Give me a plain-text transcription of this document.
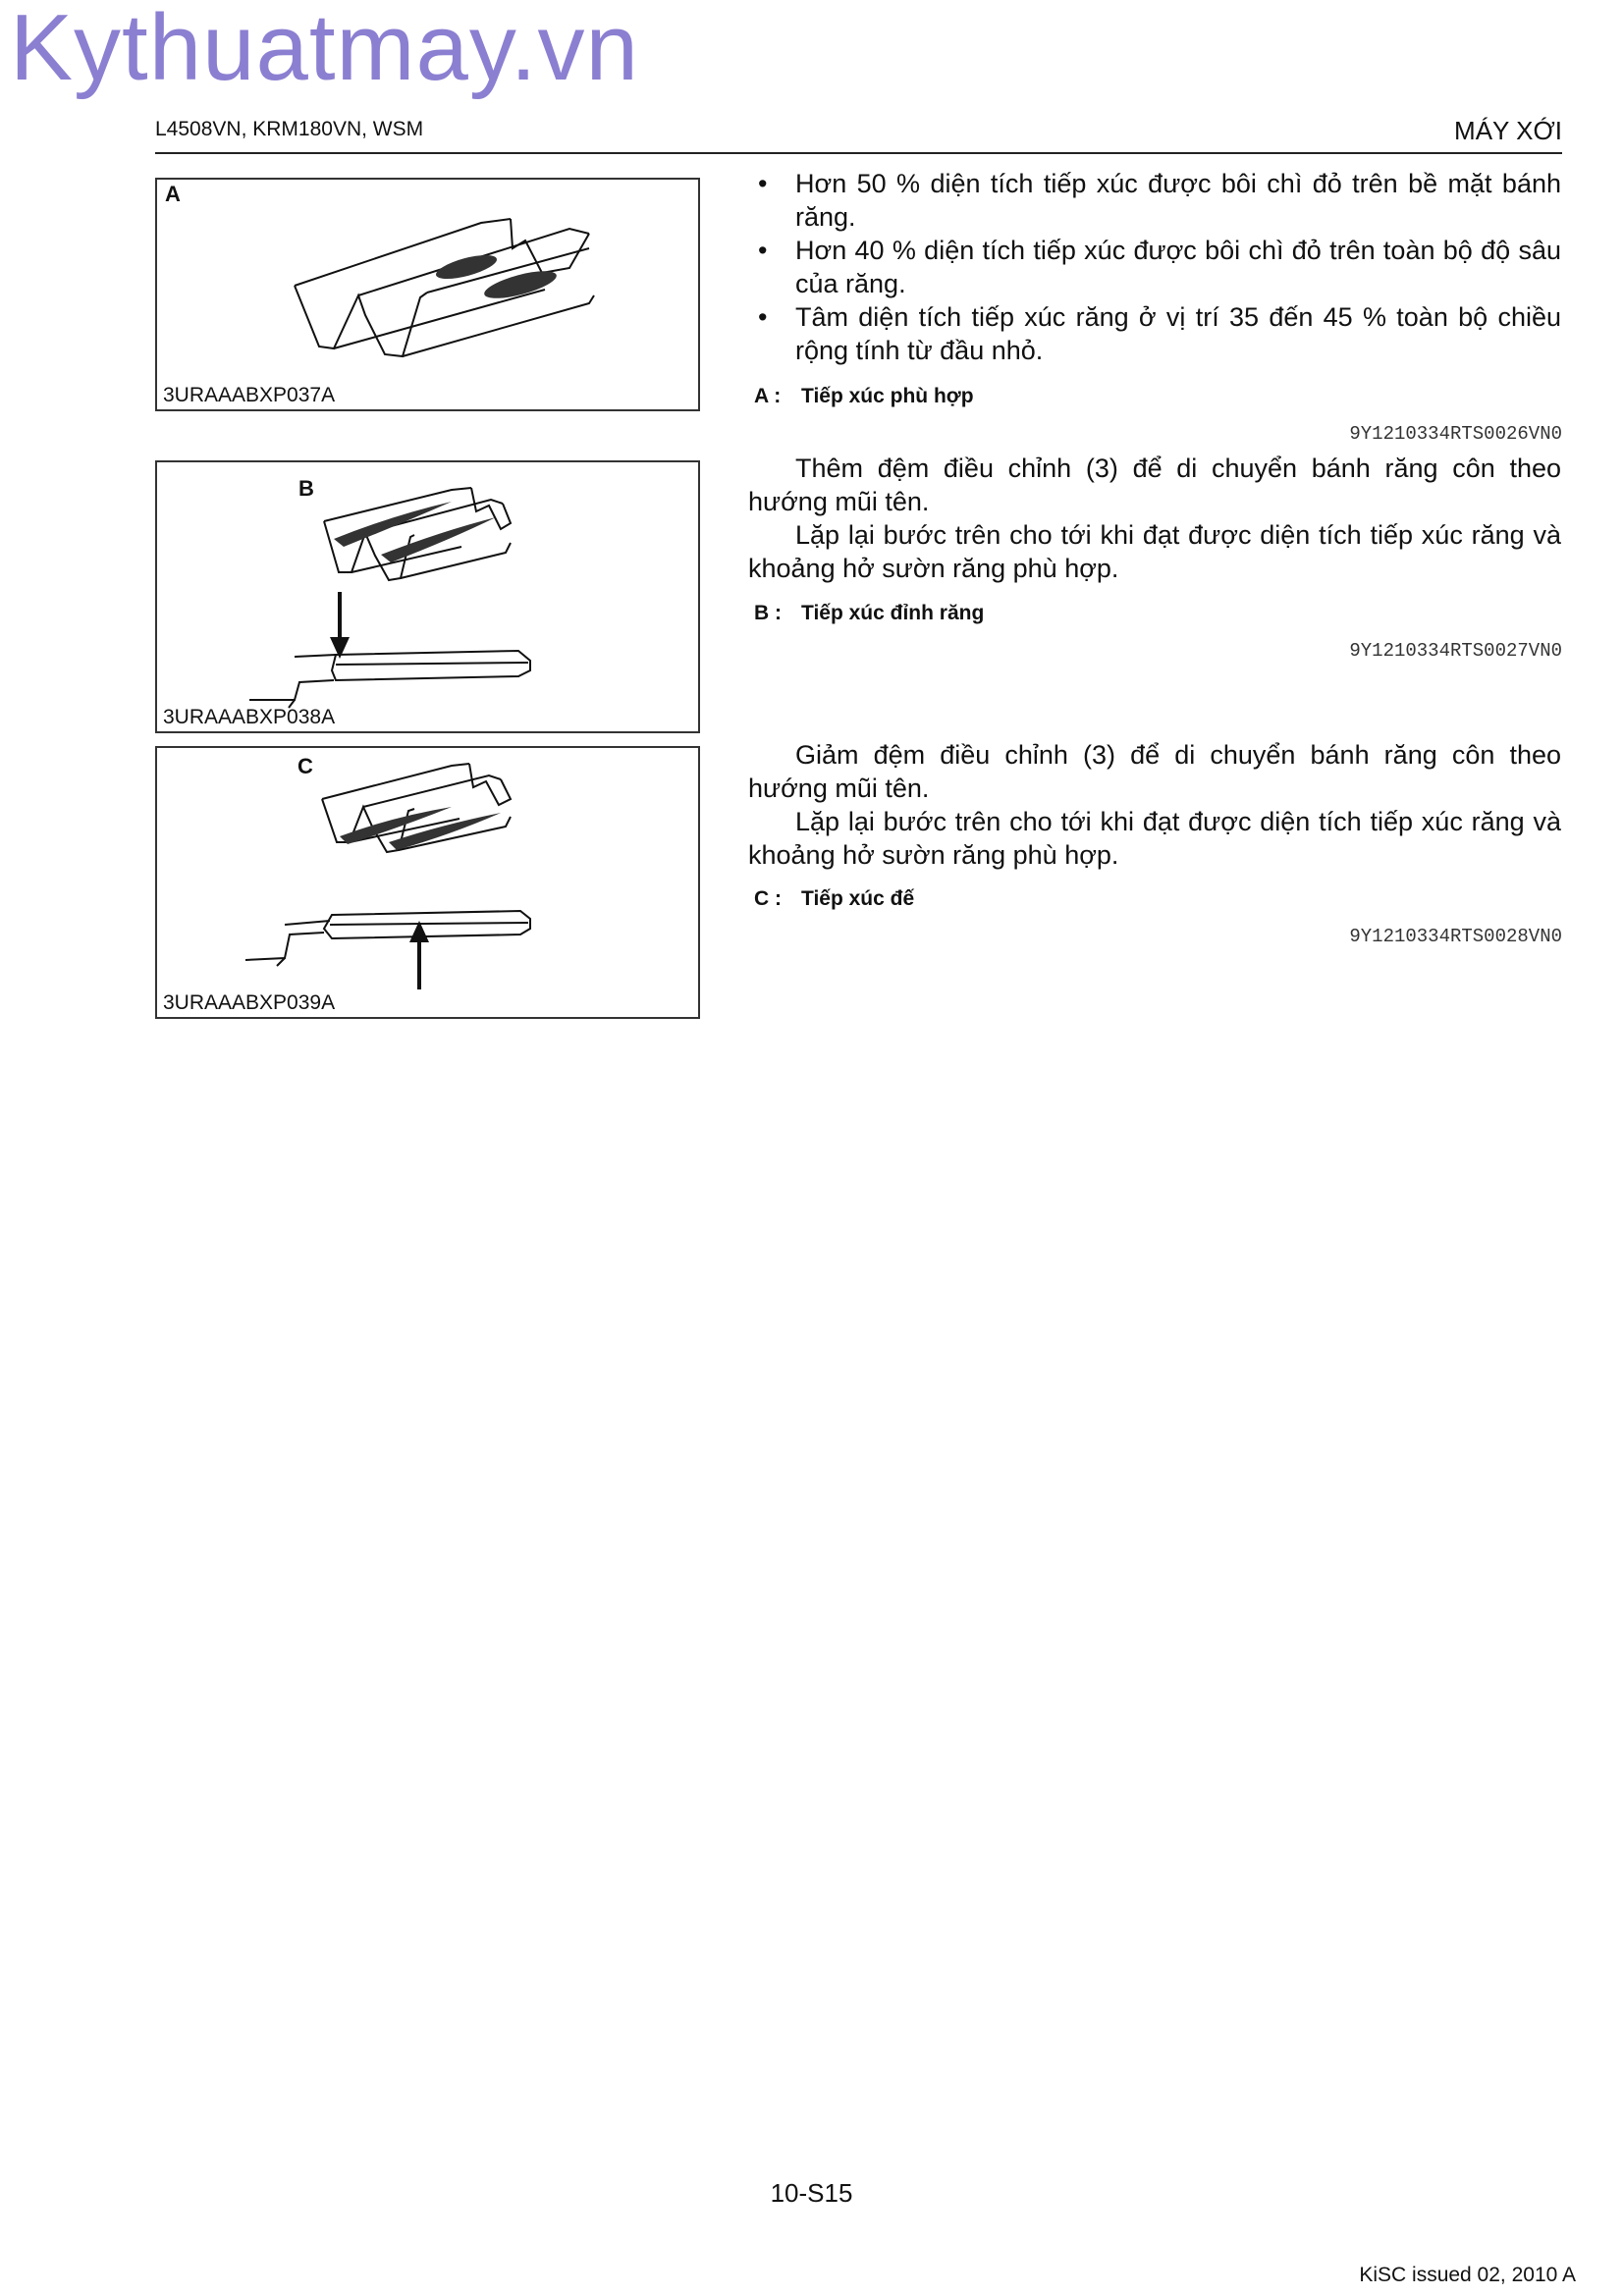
Kythuatmay.vn
L4508VN, KRM180VN, WSM	MÁY XỚI
A
3URAAABXP037A
B
3URAAABXP038A
C
3URAAABXP039A
• Hơn 50 % diện tích tiếp xúc được bôi chì đỏ trên bề mặt bánh răng.
• Hơn 40 % diện tích tiếp xúc được bôi chì đỏ trên toàn bộ độ sâu của răng.
• Tâm diện tích tiếp xúc răng ở vị trí 35 đến 45 % toàn bộ chiều rộng tính từ đầu nhỏ.
A : Tiếp xúc phù hợp
9Y1210334RTS0026VN0

Thêm đệm điều chỉnh (3) để di chuyển bánh răng côn theo hướng mũi tên.

Lặp lại bước trên cho tới khi đạt được diện tích tiếp xúc răng và khoảng hở sườn răng phù hợp.

B : Tiếp xúc đỉnh răng
9Y1210334RTS0027VN0

Giảm đệm điều chỉnh (3) để di chuyển bánh răng côn theo hướng mũi tên.

Lặp lại bước trên cho tới khi đạt được diện tích tiếp xúc răng và khoảng hở sườn răng phù hợp.

C : Tiếp xúc đế
9Y1210334RTS0028VN0
10-S15
KiSC issued 02, 2010 A
